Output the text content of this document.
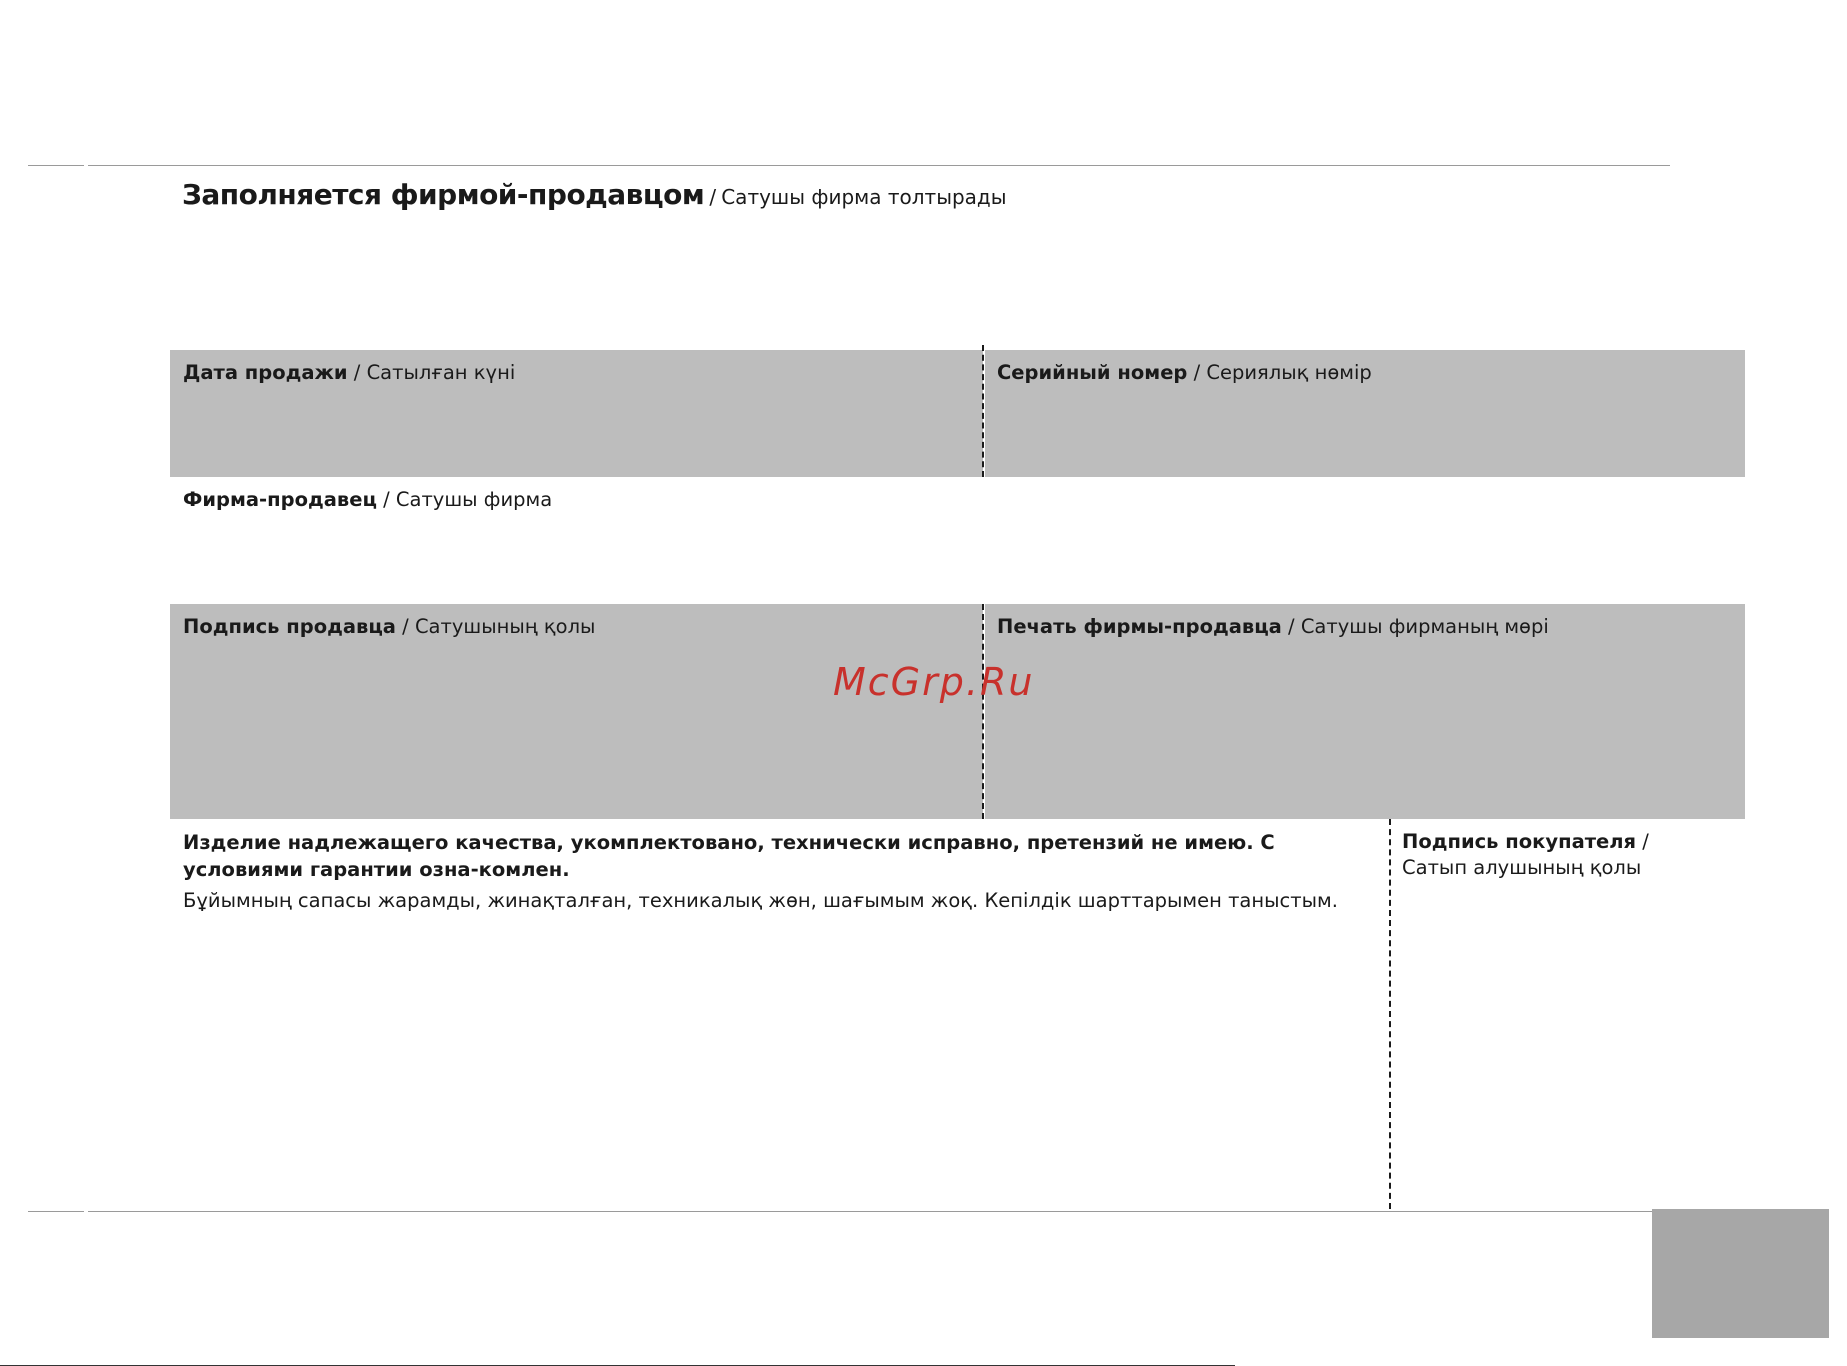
Заполняется фирмой-продавцом / Сатушы фирма толтырады
Дата продажи / Сатылған күні	Серийный номер / Сериялық нөмір
Фирма-продавец / Сатушы фирма
Подпись продавца / Сатушының қолы	Печать фирмы-продавца / Сатушы фирманың мөрі
McGrp.Ru
Изделие надлежащего качества, укомплектовано, технически исправно, претензий не имею. С условиями гарантии озна-комлен.
Бұйымның сапасы жарамды, жинақталған, техникалық жөн, шағымым жоқ. Кепілдік шарттарымен таныстым.
Подпись покупателя / Сатып алушының қолы
